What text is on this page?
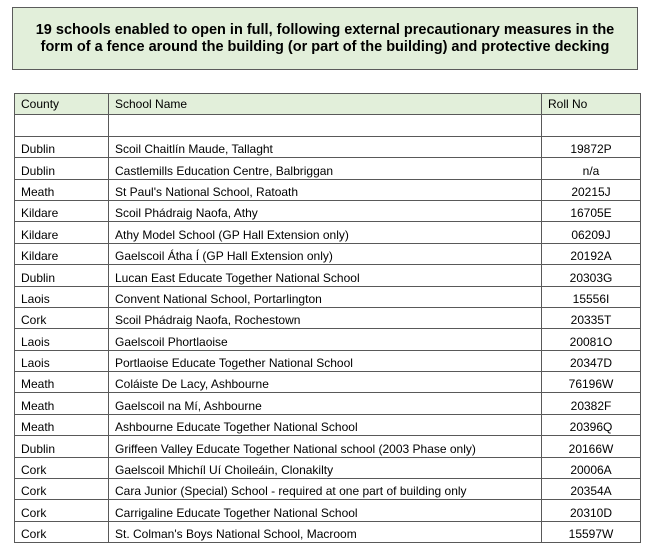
19 schools enabled to open in full, following external precautionary measures in the form of a fence around the building (or part of the building) and protective decking
County	School Name	Roll No

Dublin	Scoil Chaitlín Maude, Tallaght	19872P
Dublin	Castlemills Education Centre, Balbriggan	n/a
Meath	St Paul's National School, Ratoath	20215J
Kildare	Scoil Phádraig Naofa, Athy	16705E
Kildare	Athy Model School (GP Hall Extension only)	06209J
Kildare	Gaelscoil Átha Í (GP Hall Extension only)	20192A
Dublin	Lucan East Educate Together National School	20303G
Laois	Convent National School, Portarlington	15556I
Cork	Scoil Phádraig Naofa, Rochestown	20335T
Laois	Gaelscoil Phortlaoise	20081O
Laois	Portlaoise Educate Together National School	20347D
Meath	Coláiste De Lacy, Ashbourne	76196W
Meath	Gaelscoil na Mí, Ashbourne	20382F
Meath	Ashbourne Educate Together National School	20396Q
Dublin	Griffeen Valley Educate Together National school (2003 Phase only)	20166W
Cork	Gaelscoil Mhichíl Uí Choileáin, Clonakilty	20006A
Cork	Cara Junior (Special) School - required at one part of building only	20354A
Cork	Carrigaline Educate Together National School	20310D
Cork	St. Colman's Boys National School, Macroom	15597W
